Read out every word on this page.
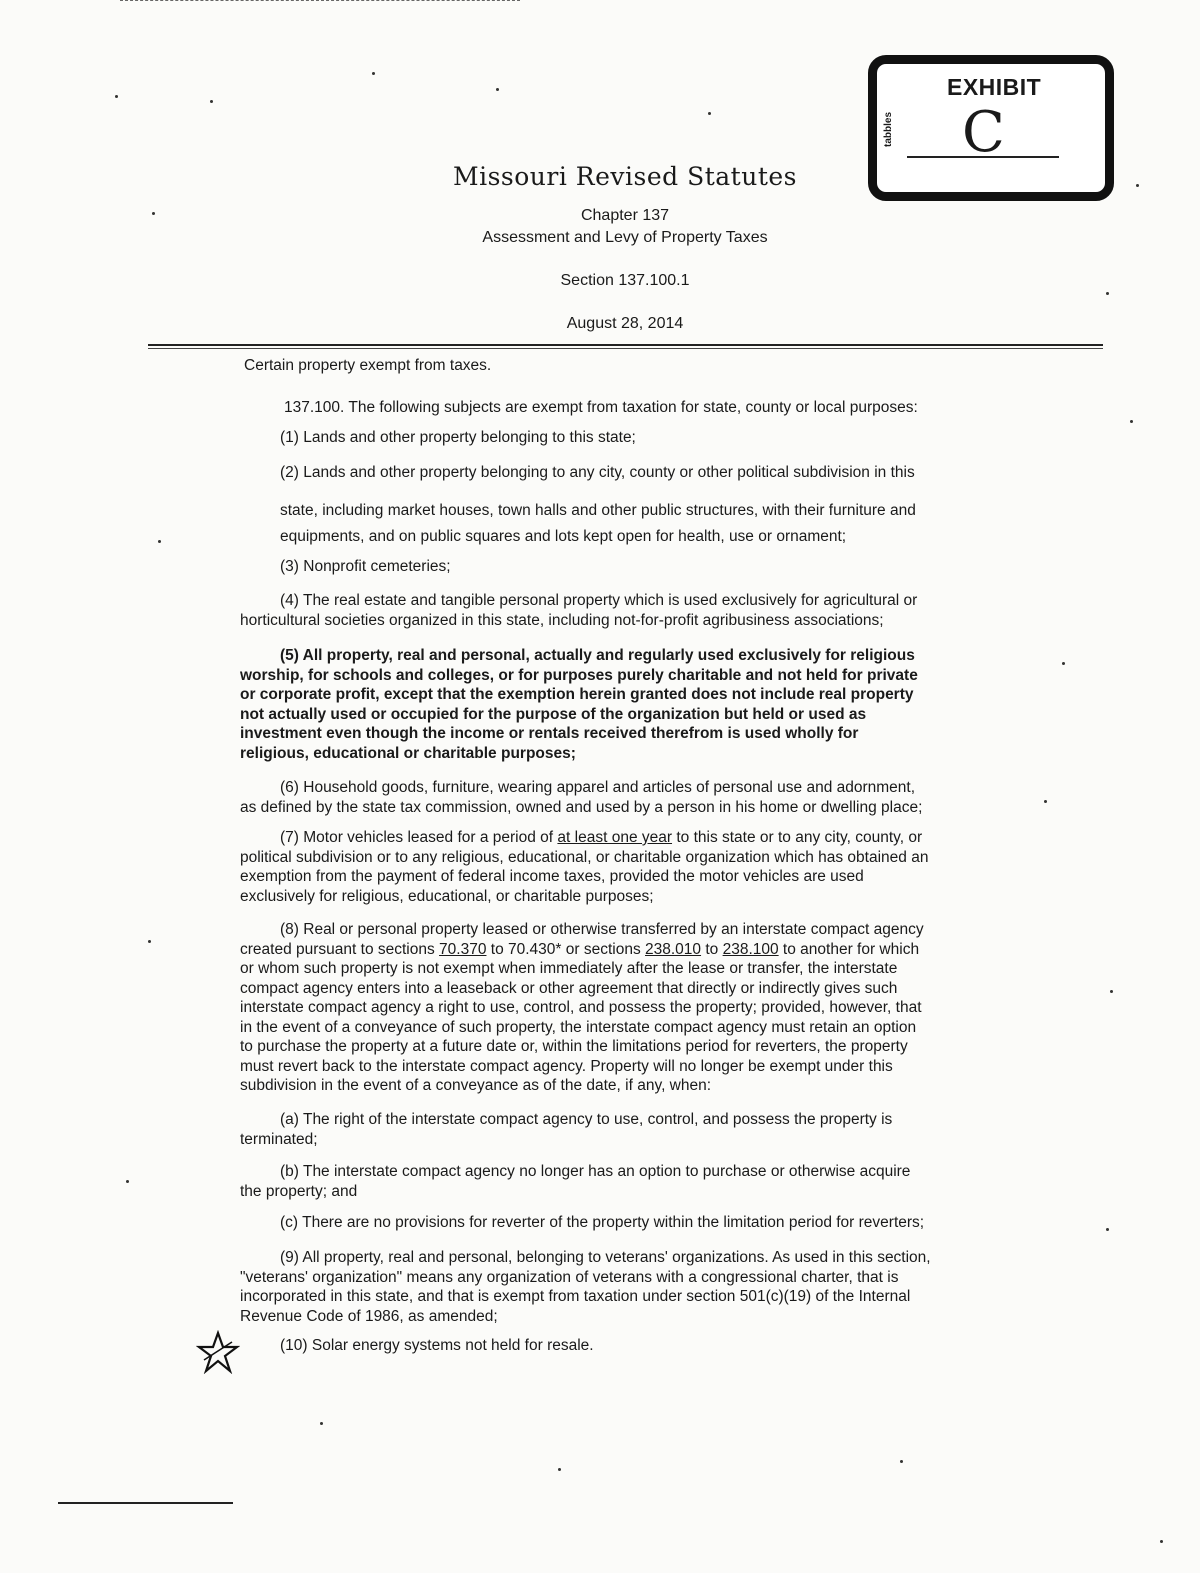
EXHIBIT
tabbles C
Missouri Revised Statutes
Chapter 137
Assessment and Levy of Property Taxes
Section 137.100.1
August 28, 2014
Certain property exempt from taxes.
137.100. The following subjects are exempt from taxation for state, county or local purposes:
(1) Lands and other property belonging to this state;
(2) Lands and other property belonging to any city, county or other political subdivision in this
state, including market houses, town halls and other public structures, with their furniture and
equipments, and on public squares and lots kept open for health, use or ornament;
(3) Nonprofit cemeteries;
(4) The real estate and tangible personal property which is used exclusively for agricultural or
horticultural societies organized in this state, including not-for-profit agribusiness associations;
(5) All property, real and personal, actually and regularly used exclusively for religious
worship, for schools and colleges, or for purposes purely charitable and not held for private
or corporate profit, except that the exemption herein granted does not include real property
not actually used or occupied for the purpose of the organization but held or used as
investment even though the income or rentals received therefrom is used wholly for
religious, educational or charitable purposes;
(6) Household goods, furniture, wearing apparel and articles of personal use and adornment,
as defined by the state tax commission, owned and used by a person in his home or dwelling place;
(7) Motor vehicles leased for a period of at least one year to this state or to any city, county, or
political subdivision or to any religious, educational, or charitable organization which has obtained an
exemption from the payment of federal income taxes, provided the motor vehicles are used
exclusively for religious, educational, or charitable purposes;
(8) Real or personal property leased or otherwise transferred by an interstate compact agency
created pursuant to sections 70.370 to 70.430* or sections 238.010 to 238.100 to another for which
or whom such property is not exempt when immediately after the lease or transfer, the interstate
compact agency enters into a leaseback or other agreement that directly or indirectly gives such
interstate compact agency a right to use, control, and possess the property; provided, however, that
in the event of a conveyance of such property, the interstate compact agency must retain an option
to purchase the property at a future date or, within the limitations period for reverters, the property
must revert back to the interstate compact agency. Property will no longer be exempt under this
subdivision in the event of a conveyance as of the date, if any, when:
(a) The right of the interstate compact agency to use, control, and possess the property is
terminated;
(b) The interstate compact agency no longer has an option to purchase or otherwise acquire
the property; and
(c) There are no provisions for reverter of the property within the limitation period for reverters;
(9) All property, real and personal, belonging to veterans' organizations. As used in this section,
"veterans' organization" means any organization of veterans with a congressional charter, that is
incorporated in this state, and that is exempt from taxation under section 501(c)(19) of the Internal
Revenue Code of 1986, as amended;
(10) Solar energy systems not held for resale.
